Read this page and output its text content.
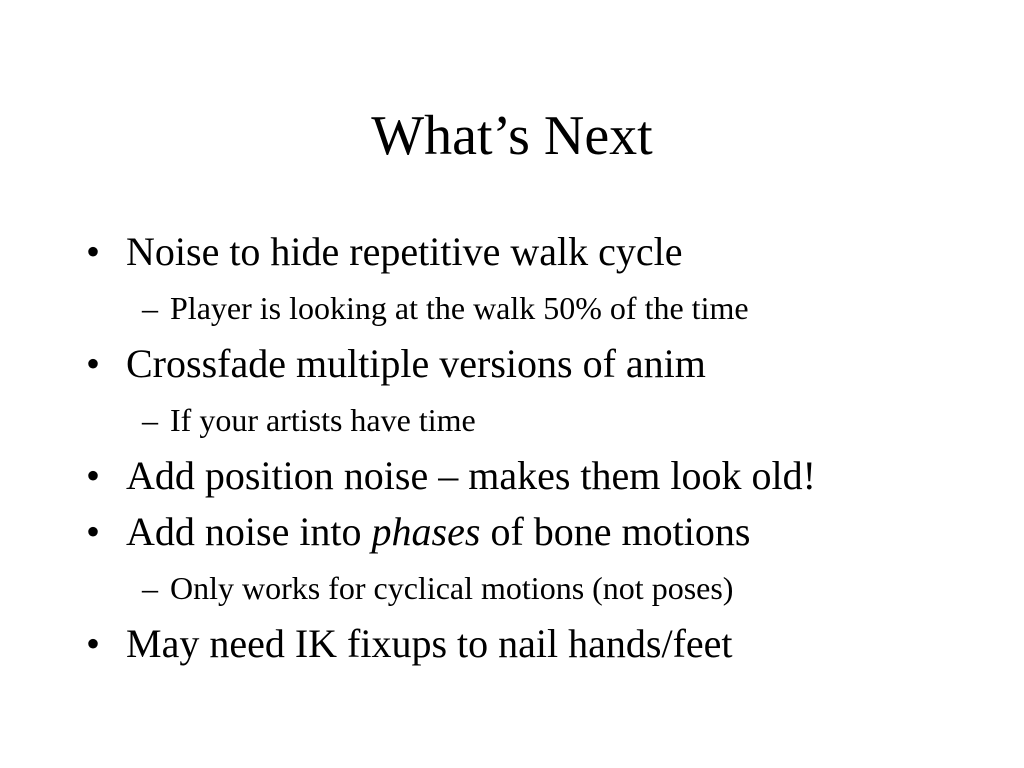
What’s Next
• Noise to hide repetitive walk cycle
– Player is looking at the walk 50% of the time
• Crossfade multiple versions of anim
– If your artists have time
• Add position noise – makes them look old!
• Add noise into phases of bone motions
– Only works for cyclical motions (not poses)
• May need IK fixups to nail hands/feet
